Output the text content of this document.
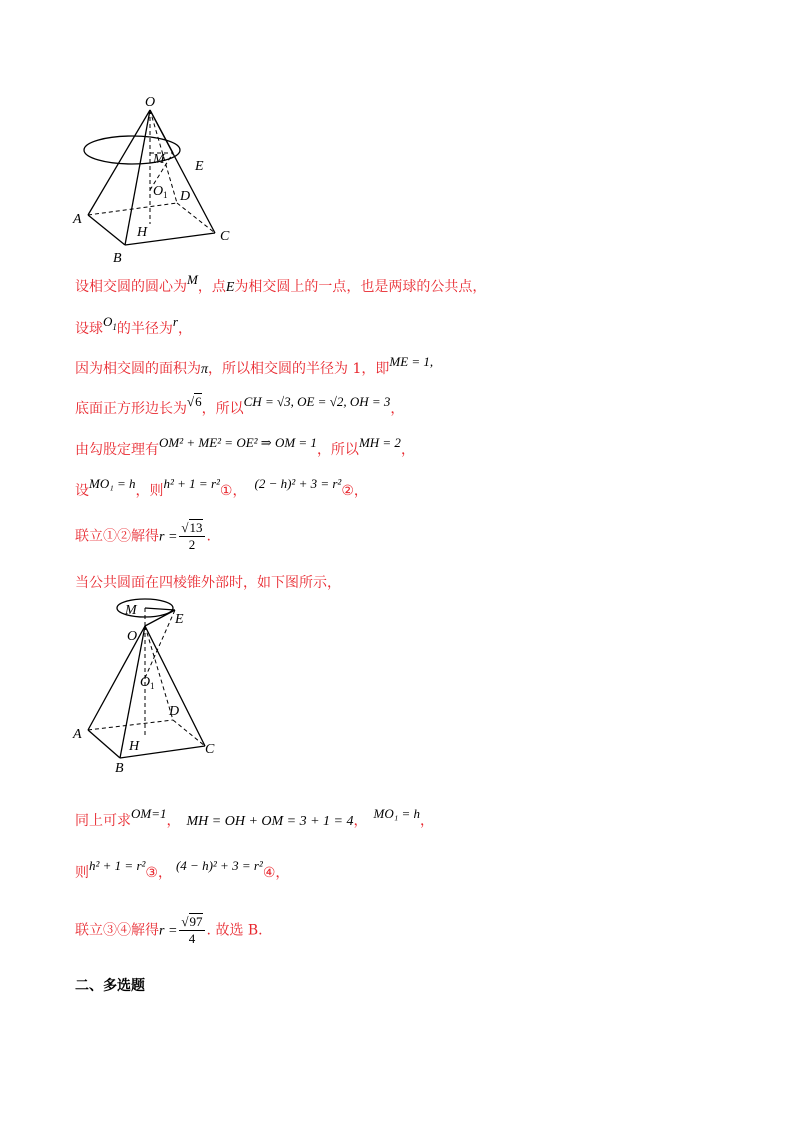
O
M E
O 1 D
A
H	C
B
设相交圆的圆心为M，点E为相交圆上的一点，也是两球的公共点，
设球$O_1$的半径为r，
因为相交圆的面积为π，所以相交圆的半径为 1，即ME = 1,
底面正方形边长为√6，所以CH = √3, OE = √2, OH = 3，
由勾股定理有OM² + ME² = OE² ⇒ OM = 1，所以MH = 2，
设MO₁ = h，则h² + 1 = r²①， (2 − h)² + 3 = r²②，
联立①②解得$r = \frac{√13}{2}$ .
当公共圆面在四棱锥外部时，如下图所示，
M
E
O
O 1
D
A
H	C
B
同上可求OM=1， MH = OH + OM = 3 + 1 = 4， MO₁ = h，
则h² + 1 = r²③， (4 − h)² + 3 = r²④，
联立③④解得$r = \frac{√97}{4}$ . 故选 B.
二、多选题
